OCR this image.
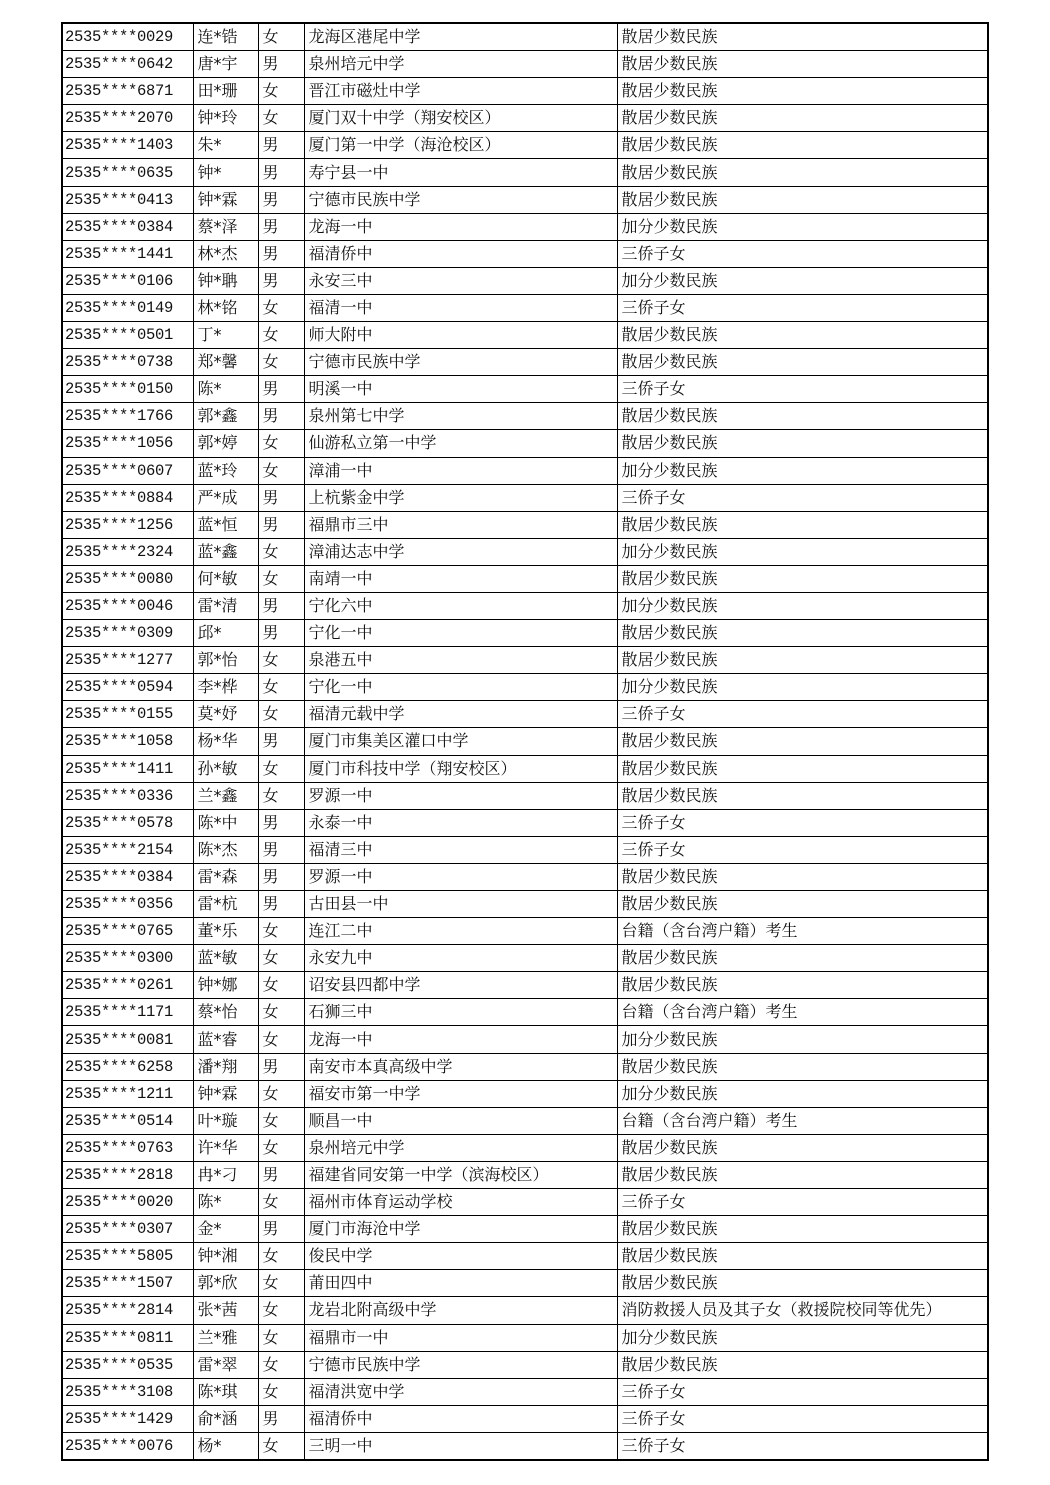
2535****0029	连*锆	女	龙海区港尾中学	散居少数民族
2535****0642	唐*宇	男	泉州培元中学	散居少数民族
2535****6871	田*珊	女	晋江市磁灶中学	散居少数民族
2535****2070	钟*玲	女	厦门双十中学（翔安校区）	散居少数民族
2535****1403	朱*	男	厦门第一中学（海沧校区）	散居少数民族
2535****0635	钟*	男	寿宁县一中	散居少数民族
2535****0413	钟*霖	男	宁德市民族中学	散居少数民族
2535****0384	蔡*泽	男	龙海一中	加分少数民族
2535****1441	林*杰	男	福清侨中	三侨子女
2535****0106	钟*聃	男	永安三中	加分少数民族
2535****0149	林*铭	女	福清一中	三侨子女
2535****0501	丁*	女	师大附中	散居少数民族
2535****0738	郑*馨	女	宁德市民族中学	散居少数民族
2535****0150	陈*	男	明溪一中	三侨子女
2535****1766	郭*鑫	男	泉州第七中学	散居少数民族
2535****1056	郭*婷	女	仙游私立第一中学	散居少数民族
2535****0607	蓝*玲	女	漳浦一中	加分少数民族
2535****0884	严*成	男	上杭紫金中学	三侨子女
2535****1256	蓝*恒	男	福鼎市三中	散居少数民族
2535****2324	蓝*鑫	女	漳浦达志中学	加分少数民族
2535****0080	何*敏	女	南靖一中	散居少数民族
2535****0046	雷*清	男	宁化六中	加分少数民族
2535****0309	邱*	男	宁化一中	散居少数民族
2535****1277	郭*怡	女	泉港五中	散居少数民族
2535****0594	李*桦	女	宁化一中	加分少数民族
2535****0155	莫*妤	女	福清元载中学	三侨子女
2535****1058	杨*华	男	厦门市集美区灌口中学	散居少数民族
2535****1411	孙*敏	女	厦门市科技中学（翔安校区）	散居少数民族
2535****0336	兰*鑫	女	罗源一中	散居少数民族
2535****0578	陈*中	男	永泰一中	三侨子女
2535****2154	陈*杰	男	福清三中	三侨子女
2535****0384	雷*森	男	罗源一中	散居少数民族
2535****0356	雷*杭	男	古田县一中	散居少数民族
2535****0765	董*乐	女	连江二中	台籍（含台湾户籍）考生
2535****0300	蓝*敏	女	永安九中	散居少数民族
2535****0261	钟*娜	女	诏安县四都中学	散居少数民族
2535****1171	蔡*怡	女	石狮三中	台籍（含台湾户籍）考生
2535****0081	蓝*睿	女	龙海一中	加分少数民族
2535****6258	潘*翔	男	南安市本真高级中学	散居少数民族
2535****1211	钟*霖	女	福安市第一中学	加分少数民族
2535****0514	叶*璇	女	顺昌一中	台籍（含台湾户籍）考生
2535****0763	许*华	女	泉州培元中学	散居少数民族
2535****2818	冉*刁	男	福建省同安第一中学（滨海校区）	散居少数民族
2535****0020	陈*	女	福州市体育运动学校	三侨子女
2535****0307	金*	男	厦门市海沧中学	散居少数民族
2535****5805	钟*湘	女	俊民中学	散居少数民族
2535****1507	郭*欣	女	莆田四中	散居少数民族
2535****2814	张*茜	女	龙岩北附高级中学	消防救援人员及其子女（救援院校同等优先）
2535****0811	兰*雅	女	福鼎市一中	加分少数民族
2535****0535	雷*翠	女	宁德市民族中学	散居少数民族
2535****3108	陈*琪	女	福清洪宽中学	三侨子女
2535****1429	俞*涵	男	福清侨中	三侨子女
2535****0076	杨*	女	三明一中	三侨子女
